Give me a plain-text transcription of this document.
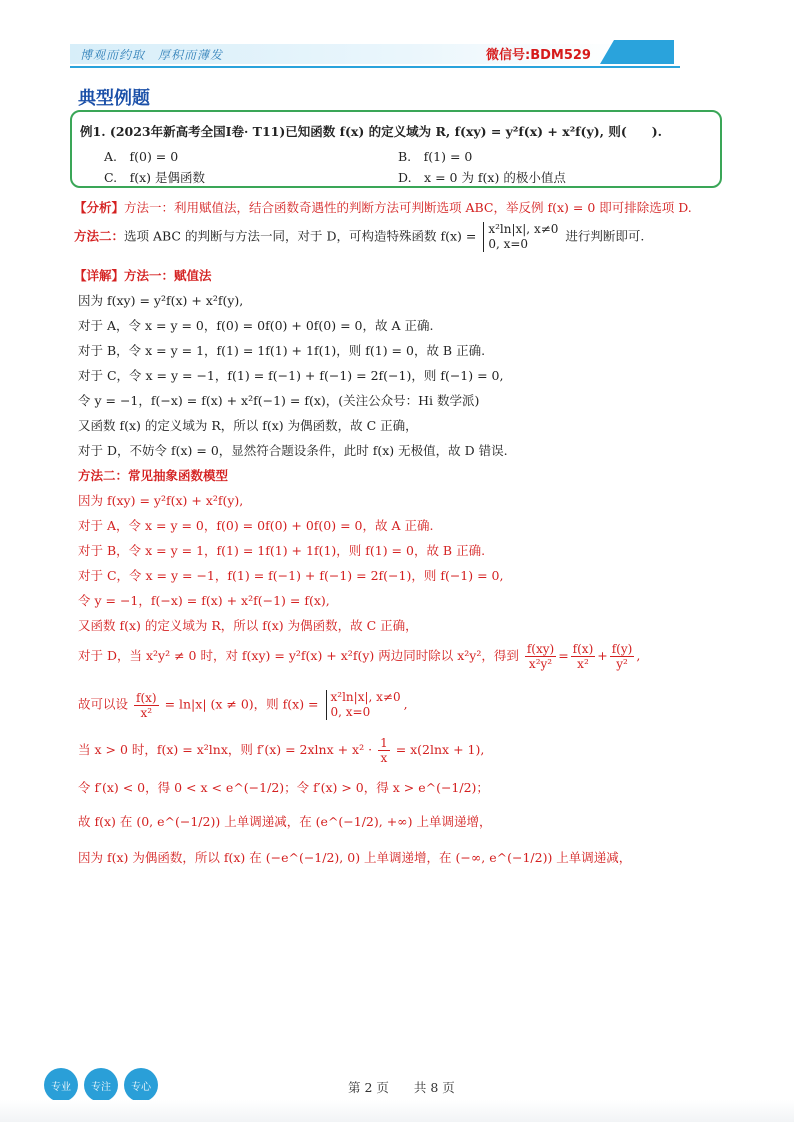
博观而约取　厚积而薄发	微信号:BDM529
典型例题
例1. (2023年新高考全国Ⅰ卷· T11)已知函数 f(x) 的定义域为 R, f(xy) = y²f(x) + x²f(y), 则(　　).
A.　f(0) = 0	B.　f(1) = 0
C.　f(x) 是偶函数	D.　x = 0 为 f(x) 的极小值点
【分析】方法一：利用赋值法，结合函数奇遇性的判断方法可判断选项 ABC，举反例 f(x) = 0 即可排除选项 D.
方法二：选项 ABC 的判断与方法一同，对于 D，可构造特殊函数 f(x) = x²ln|x|, x≠0
0, x=0
进行判断即可.
【详解】方法一：赋值法
因为 f(xy) = y²f(x) + x²f(y),
对于 A，令 x = y = 0，f(0) = 0f(0) + 0f(0) = 0，故 A 正确.
对于 B，令 x = y = 1，f(1) = 1f(1) + 1f(1)，则 f(1) = 0，故 B 正确.
对于 C，令 x = y = −1，f(1) = f(−1) + f(−1) = 2f(−1)，则 f(−1) = 0,
令 y = −1，f(−x) = f(x) + x²f(−1) = f(x)，(关注公众号：Hi 数学派)
又函数 f(x) 的定义域为 R，所以 f(x) 为偶函数，故 C 正确，
对于 D，不妨令 f(x) = 0，显然符合题设条件，此时 f(x) 无极值，故 D 错误.
方法二：常见抽象函数模型
因为 f(xy) = y²f(x) + x²f(y),
对于 A，令 x = y = 0，f(0) = 0f(0) + 0f(0) = 0，故 A 正确.
对于 B，令 x = y = 1，f(1) = 1f(1) + 1f(1)，则 f(1) = 0，故 B 正确.
对于 C，令 x = y = −1，f(1) = f(−1) + f(−1) = 2f(−1)，则 f(−1) = 0,
令 y = −1，f(−x) = f(x) + x²f(−1) = f(x),
又函数 f(x) 的定义域为 R，所以 f(x) 为偶函数，故 C 正确，
对于 D，当 x²y² ≠ 0 时，对 f(xy) = y²f(x) + x²f(y) 两边同时除以 x²y²，得到 $\frac{f(xy)}{\text{x²y²}} = \frac{f(x)}{\text{x²}} + \frac{f(y)}{\text{y²}}$ ,
故可以设 $\frac{f(x)}{\text{x²}} = \ln|x|$ (x ≠ 0)，则 f(x) = x²ln|x|, x≠0
0, x=0
,
当 x > 0 时，f(x) = x²lnx，则 $f'(x) = 2xlnx + x^2 \cdot \frac{1}{x} = x(2\ln x + 1)$,
令 f′(x) < 0，得 0 < x < e^(−1/2)；令 f′(x) > 0，得 x > e^(−1/2)；
故 f(x) 在 (0, e^(−1/2)) 上单调递减，在 (e^(−1/2), +∞) 上单调递增，
因为 f(x) 为偶函数，所以 f(x) 在 (−e^(−1/2), 0) 上单调递增，在 (−∞, e^(−1/2)) 上单调递减，
专业	专注	专心	第 2 页　　共 8 页
